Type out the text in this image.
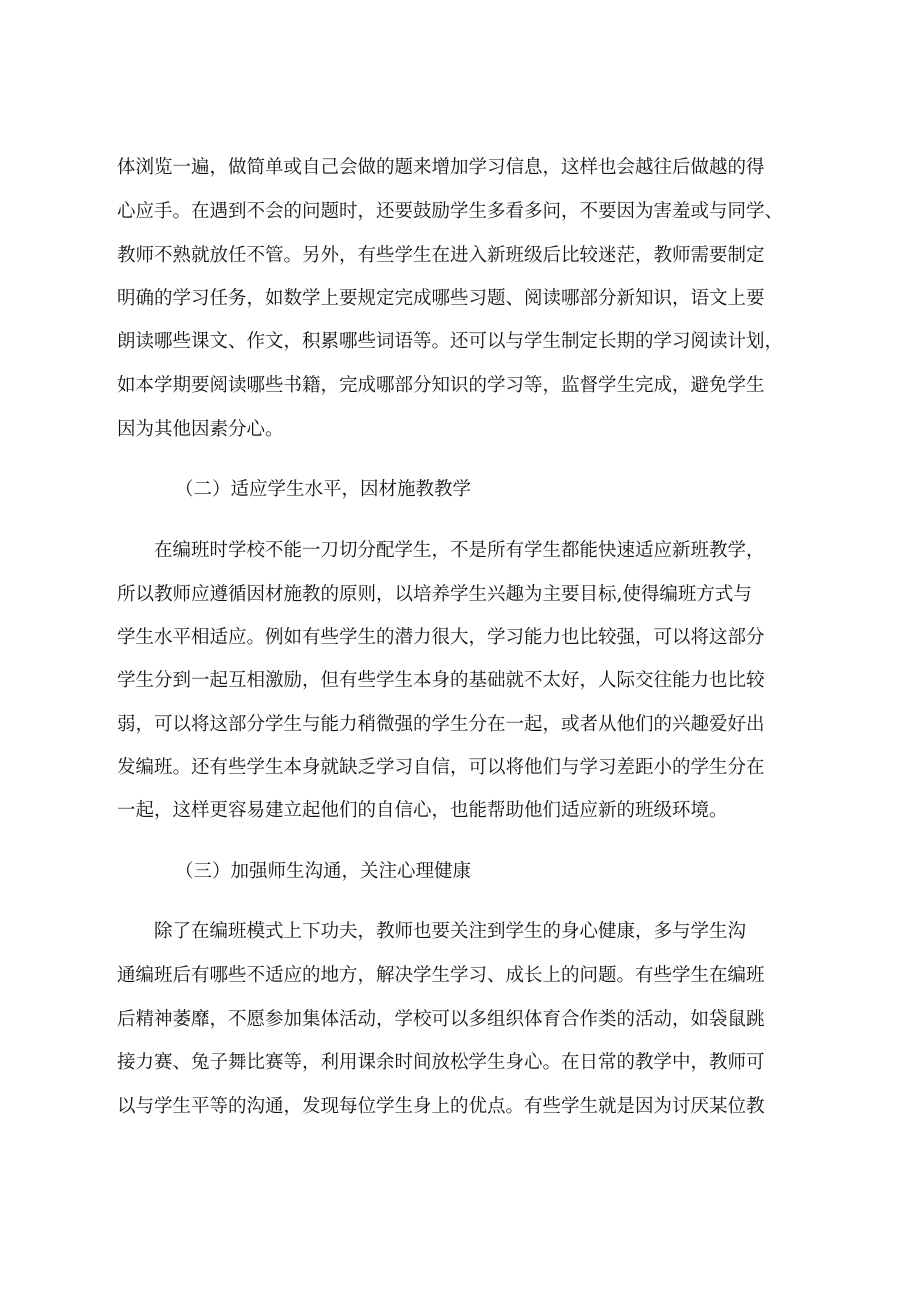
体浏览一遍，做简单或自己会做的题来增加学习信息，这样也会越往后做越的得
心应手。在遇到不会的问题时，还要鼓励学生多看多问，不要因为害羞或与同学、
教师不熟就放任不管。另外，有些学生在进入新班级后比较迷茫，教师需要制定
明确的学习任务，如数学上要规定完成哪些习题、阅读哪部分新知识，语文上要
朗读哪些课文、作文，积累哪些词语等。还可以与学生制定长期的学习阅读计划，
如本学期要阅读哪些书籍，完成哪部分知识的学习等，监督学生完成，避免学生
因为其他因素分心。
（二）适应学生水平，因材施教教学
在编班时学校不能一刀切分配学生，不是所有学生都能快速适应新班教学，
所以教师应遵循因材施教的原则，以培养学生兴趣为主要目标,使得编班方式与
学生水平相适应。例如有些学生的潜力很大，学习能力也比较强，可以将这部分
学生分到一起互相激励，但有些学生本身的基础就不太好，人际交往能力也比较
弱，可以将这部分学生与能力稍微强的学生分在一起，或者从他们的兴趣爱好出
发编班。还有些学生本身就缺乏学习自信，可以将他们与学习差距小的学生分在
一起，这样更容易建立起他们的自信心，也能帮助他们适应新的班级环境。
（三）加强师生沟通，关注心理健康
除了在编班模式上下功夫，教师也要关注到学生的身心健康，多与学生沟
通编班后有哪些不适应的地方，解决学生学习、成长上的问题。有些学生在编班
后精神萎靡，不愿参加集体活动，学校可以多组织体育合作类的活动，如袋鼠跳
接力赛、兔子舞比赛等，利用课余时间放松学生身心。在日常的教学中，教师可
以与学生平等的沟通，发现每位学生身上的优点。有些学生就是因为讨厌某位教
